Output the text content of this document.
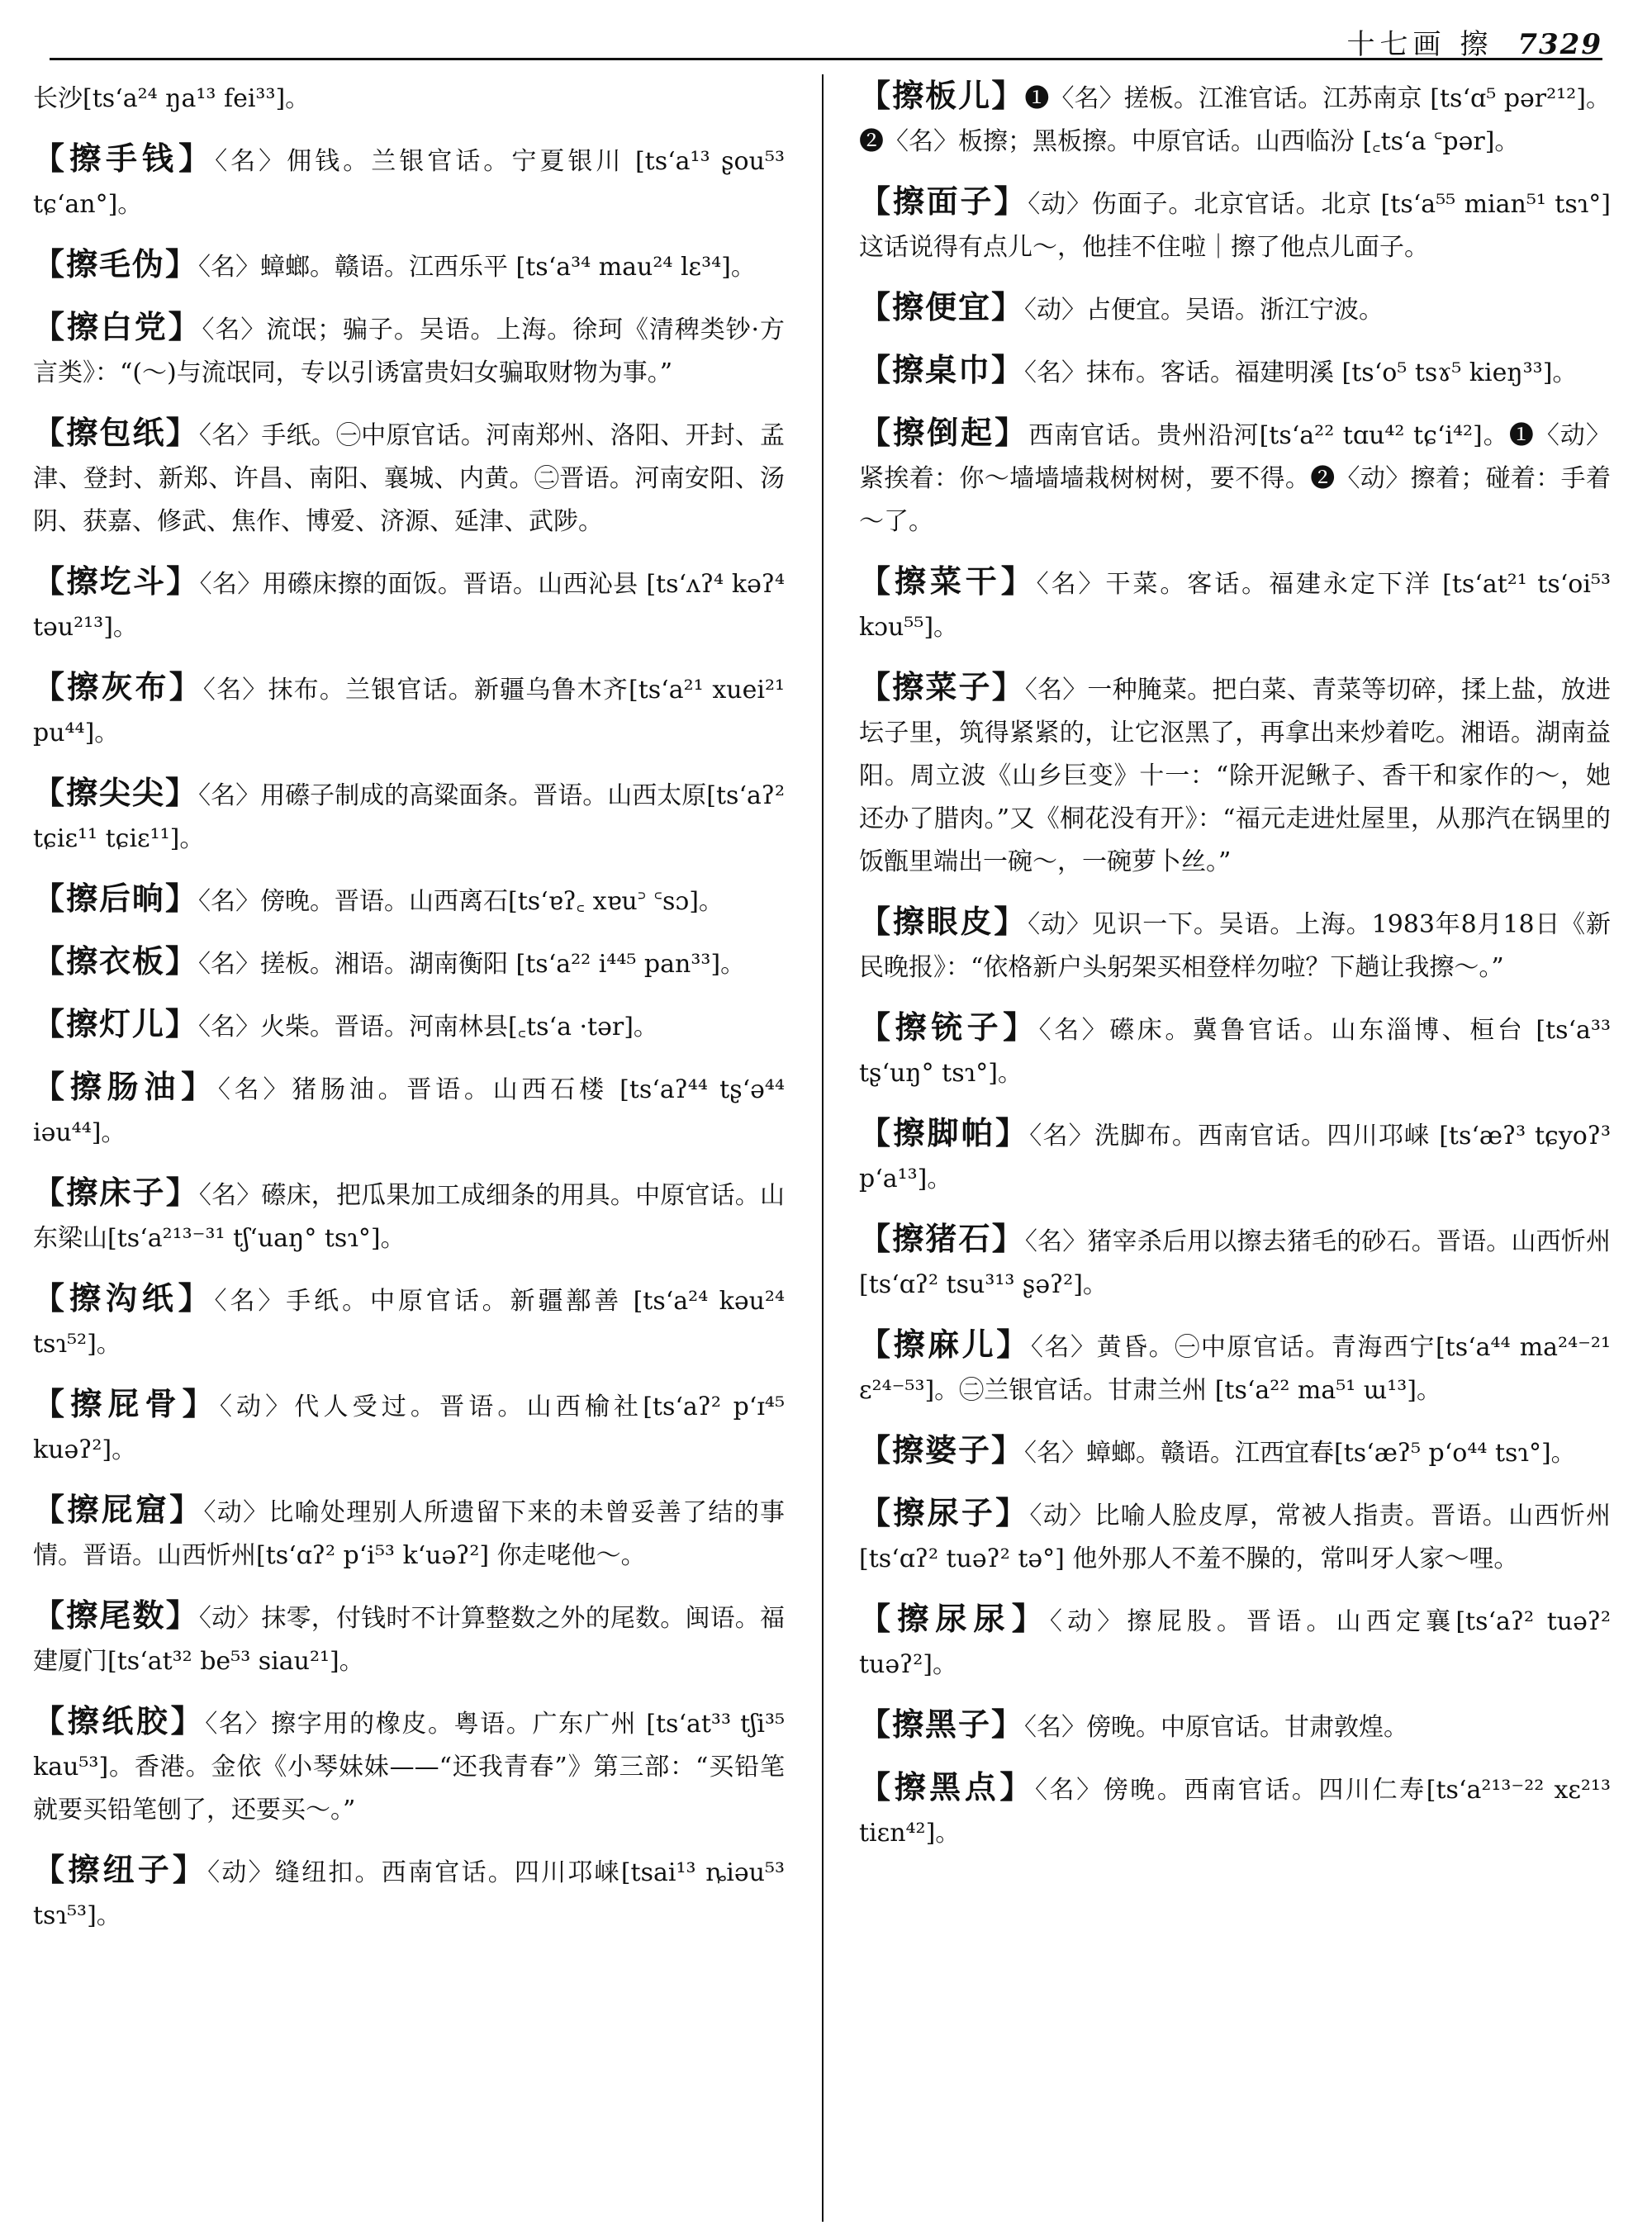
十七画 擦 7329

长沙[tsʻa²⁴ ŋa¹³ fei³³]。

【擦手钱】〈名〉佣钱。兰银官话。宁夏银川 [tsʻa¹³ ʂou⁵³ tɕʻan°]。

【擦毛伪】〈名〉蟑螂。赣语。江西乐平 [tsʻa³⁴ mau²⁴ lɛ³⁴]。

【擦白党】〈名〉流氓；骗子。吴语。上海。徐珂《清稗类钞·方言类》：“(～)与流氓同，专以引诱富贵妇女骗取财物为事。”

【擦包纸】〈名〉手纸。㊀中原官话。河南郑州、洛阳、开封、孟津、登封、新郑、许昌、南阳、襄城、内黄。㊁晋语。河南安阳、汤阴、获嘉、修武、焦作、博爱、济源、延津、武陟。

【擦圪斗】〈名〉用礤床擦的面饭。晋语。山西沁县 [tsʻʌʔ⁴ kəʔ⁴ təu²¹³]。

【擦灰布】〈名〉抹布。兰银官话。新疆乌鲁木齐[tsʻa²¹ xuei²¹ pu⁴⁴]。

【擦尖尖】〈名〉用礤子制成的高粱面条。晋语。山西太原[tsʻaʔ² tɕiɛ¹¹ tɕiɛ¹¹]。

【擦后晌】〈名〉傍晚。晋语。山西离石[tsʻɐʔ꜀ xɐu꜄ ꜂sɔ]。

【擦衣板】〈名〉搓板。湘语。湖南衡阳 [tsʻa²² i⁴⁴⁵ pan³³]。

【擦灯儿】〈名〉火柴。晋语。河南林县[꜀tsʻa ·tər]。

【擦肠油】〈名〉猪肠油。晋语。山西石楼 [tsʻaʔ⁴⁴ tʂʻə⁴⁴ iəu⁴⁴]。

【擦床子】〈名〉礤床，把瓜果加工成细条的用具。中原官话。山东梁山[tsʻa²¹³⁻³¹ tʃʻuaŋ° tsɿ°]。

【擦沟纸】〈名〉手纸。中原官话。新疆鄯善 [tsʻa²⁴ kəu²⁴ tsɿ⁵²]。

【擦屁骨】〈动〉代人受过。晋语。山西榆社[tsʻaʔ² pʻɪ⁴⁵ kuəʔ²]。

【擦屁窟】〈动〉比喻处理别人所遗留下来的未曾妥善了结的事情。晋语。山西忻州[tsʻɑʔ² pʻi⁵³ kʻuəʔ²] 你走咾他～。

【擦尾数】〈动〉抹零，付钱时不计算整数之外的尾数。闽语。福建厦门[tsʻat³² be⁵³ siau²¹]。

【擦纸胶】〈名〉擦字用的橡皮。粤语。广东广州 [tsʻat³³ tʃi³⁵ kau⁵³]。香港。金依《小琴妹妹——“还我青春”》第三部：“买铅笔就要买铅笔刨了，还要买～。”

【擦纽子】〈动〉缝纽扣。西南官话。四川邛崃[tsai¹³ ȵiəu⁵³ tsɿ⁵³]。

【擦板儿】❶〈名〉搓板。江淮官话。江苏南京 [tsʻɑ⁵ pər²¹²]。❷〈名〉板擦；黑板擦。中原官话。山西临汾 [꜀tsʻa ꜂pər]。

【擦面子】〈动〉伤面子。北京官话。北京 [tsʻa⁵⁵ mian⁵¹ tsɿ°] 这话说得有点儿～，他挂不住啦｜擦了他点儿面子。

【擦便宜】〈动〉占便宜。吴语。浙江宁波。

【擦桌巾】〈名〉抹布。客话。福建明溪 [tsʻo⁵ tsɤ⁵ kieŋ³³]。

【擦倒起】西南官话。贵州沿河[tsʻa²² tɑu⁴² tɕʻi⁴²]。❶〈动〉紧挨着：你～墙墙墙栽树树树，要不得。❷〈动〉擦着；碰着：手着～了。

【擦菜干】〈名〉干菜。客话。福建永定下洋 [tsʻat²¹ tsʻoi⁵³ kɔu⁵⁵]。

【擦菜子】〈名〉一种腌菜。把白菜、青菜等切碎，揉上盐，放进坛子里，筑得紧紧的，让它沤黑了，再拿出来炒着吃。湘语。湖南益阳。周立波《山乡巨变》十一：“除开泥鳅子、香干和家作的～，她还办了腊肉。”又《桐花没有开》：“福元走进灶屋里，从那汽在锅里的饭甑里端出一碗～，一碗萝卜丝。”

【擦眼皮】〈动〉见识一下。吴语。上海。1983年8月18日《新民晚报》：“依格新户头躬架买相登样勿啦？下趟让我擦～。”

【擦铳子】〈名〉礤床。冀鲁官话。山东淄博、桓台 [tsʻa³³ tʂʻuŋ° tsɿ°]。

【擦脚帕】〈名〉洗脚布。西南官话。四川邛崃 [tsʻæʔ³ tɕyoʔ³ pʻa¹³]。

【擦猪石】〈名〉猪宰杀后用以擦去猪毛的砂石。晋语。山西忻州[tsʻɑʔ² tsu³¹³ ʂəʔ²]。

【擦麻儿】〈名〉黄昏。㊀中原官话。青海西宁[tsʻa⁴⁴ ma²⁴⁻²¹ ɛ²⁴⁻⁵³]。㊁兰银官话。甘肃兰州 [tsʻa²² ma⁵¹ ɯ¹³]。

【擦婆子】〈名〉蟑螂。赣语。江西宜春[tsʻæʔ⁵ pʻo⁴⁴ tsɿ°]。

【擦尿子】〈动〉比喻人脸皮厚，常被人指责。晋语。山西忻州[tsʻɑʔ² tuəʔ² tə°] 他外那人不羞不臊的，常叫牙人家～哩。

【擦尿尿】〈动〉擦屁股。晋语。山西定襄[tsʻaʔ² tuəʔ² tuəʔ²]。

【擦黑子】〈名〉傍晚。中原官话。甘肃敦煌。

【擦黑点】〈名〉傍晚。西南官话。四川仁寿[tsʻa²¹³⁻²² xɛ²¹³ tiɛn⁴²]。
